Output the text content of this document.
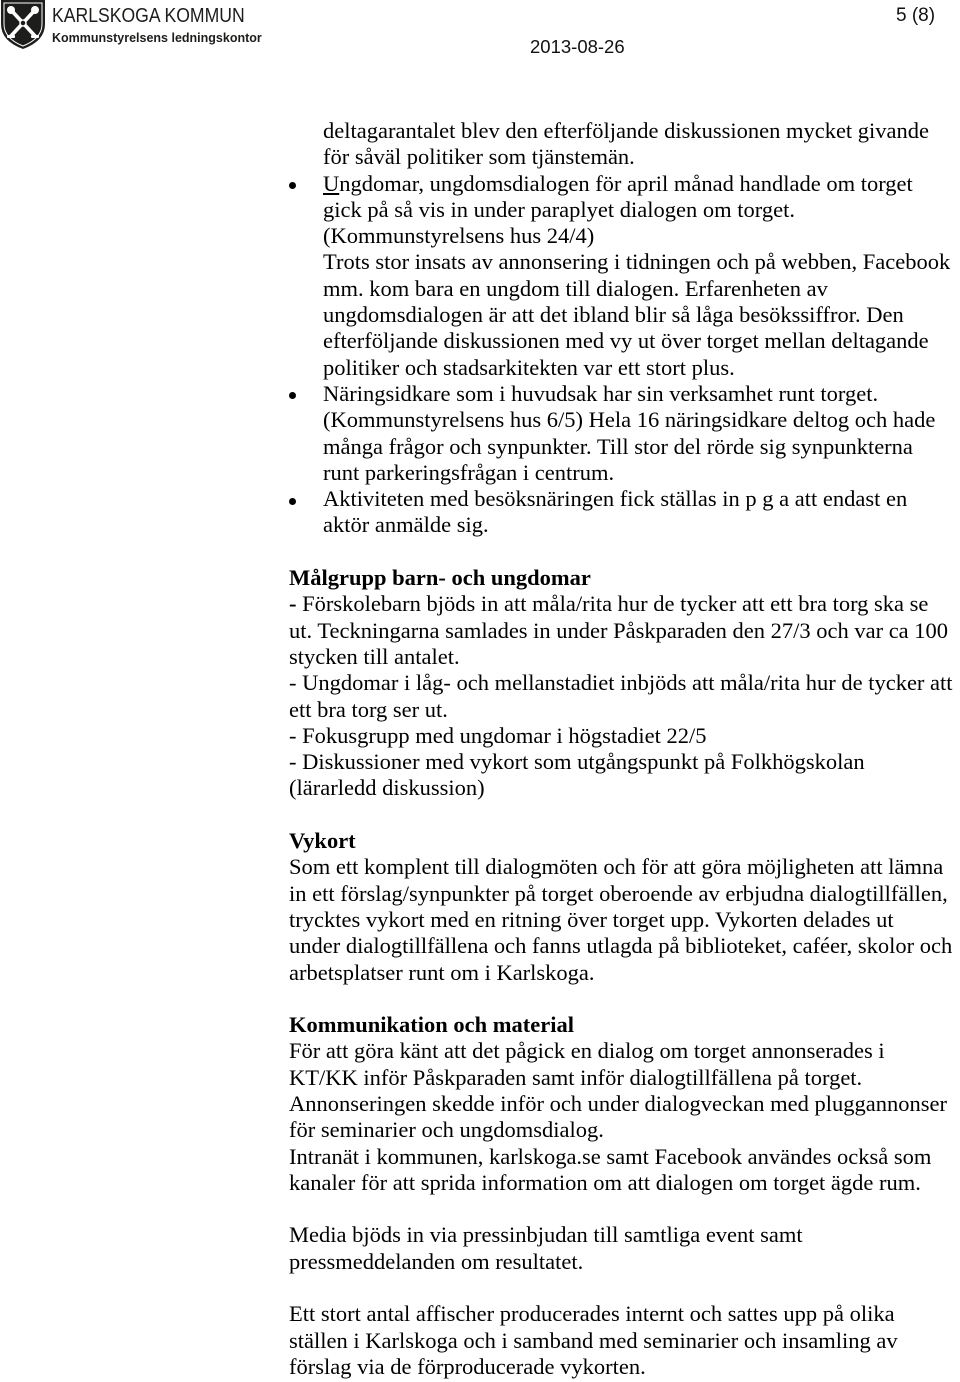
KARLSKOGA KOMMUN
Kommunstyrelsens ledningskontor	2013-08-26
5 (8)
deltagarantalet blev den efterföljande diskussionen mycket givande
för såväl politiker som tjänstemän.
Ungdomar, ungdomsdialogen för april månad handlade om torget
gick på så vis in under paraplyet dialogen om torget.
(Kommunstyrelsens hus 24/4)
Trots stor insats av annonsering i tidningen och på webben, Facebook
mm. kom bara en ungdom till dialogen. Erfarenheten av
ungdomsdialogen är att det ibland blir så låga besökssiffror. Den
efterföljande diskussionen med vy ut över torget mellan deltagande
politiker och stadsarkitekten var ett stort plus.
Näringsidkare som i huvudsak har sin verksamhet runt torget.
(Kommunstyrelsens hus 6/5) Hela 16 näringsidkare deltog och hade
många frågor och synpunkter. Till stor del rörde sig synpunkterna
runt parkeringsfrågan i centrum.
Aktiviteten med besöksnäringen fick ställas in p g a att endast en
aktör anmälde sig.
Målgrupp barn- och ungdomar
- Förskolebarn bjöds in att måla/rita hur de tycker att ett bra torg ska se
ut. Teckningarna samlades in under Påskparaden den 27/3 och var ca 100
stycken till antalet.
- Ungdomar i låg- och mellanstadiet inbjöds att måla/rita hur de tycker att
ett bra torg ser ut.
- Fokusgrupp med ungdomar i högstadiet 22/5
- Diskussioner med vykort som utgångspunkt på Folkhögskolan
(lärarledd diskussion)
Vykort
Som ett komplent till dialogmöten och för att göra möjligheten att lämna
in ett förslag/synpunkter på torget oberoende av erbjudna dialogtillfällen,
trycktes vykort med en ritning över torget upp. Vykorten delades ut
under dialogtillfällena och fanns utlagda på biblioteket, caféer, skolor och
arbetsplatser runt om i Karlskoga.
Kommunikation och material
För att göra känt att det pågick en dialog om torget annonserades i
KT/KK inför Påskparaden samt inför dialogtillfällena på torget.
Annonseringen skedde inför och under dialogveckan med pluggannonser
för seminarier och ungdomsdialog.
Intranät i kommunen, karlskoga.se samt Facebook användes också som
kanaler för att sprida information om att dialogen om torget ägde rum.
Media bjöds in via pressinbjudan till samtliga event samt
pressmeddelanden om resultatet.
Ett stort antal affischer producerades internt och sattes upp på olika
ställen i Karlskoga och i samband med seminarier och insamling av
förslag via de förproducerade vykorten.
